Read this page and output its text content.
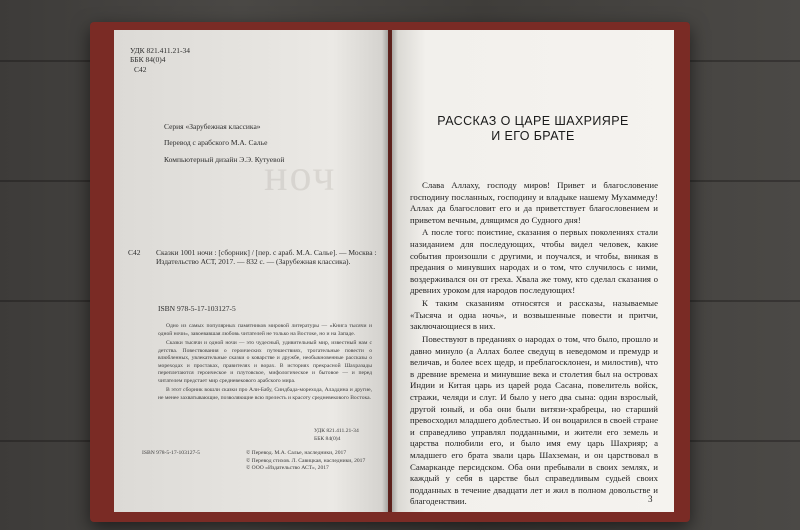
ноч
УДК 821.411.21-34
ББК 84(0)4
С42
Серия «Зарубежная классика»
Перевод с арабского М.А. Салье
Компьютерный дизайн Э.Э. Кутуевой
С42	Сказки 1001 ночи : [сборник] / [пер. с араб. М.А. Салье]. — Москва : Издательство АСТ, 2017. — 832 с. — (Зарубежная классика).
ISBN 978-5-17-103127-5

Одно из самых популярных памятников мировой литературы — «Книга тысячи и одной ночи», завоевавшая любовь читателей не только на Востоке, но и на Западе.

Сказки тысячи и одной ночи — это чудесный, удивительный мир, известный нам с детства. Повествования о героических путешествиях, трогательные повести о влюбленных, увлекательные сказки о коварстве и дружбе, необыкновенные рассказы о мореходах и простаках, правителях и ворах. В историях прекрасной Шахразады переплетаются героическое и плутовское, мифологическое и бытовое — и перед читателем предстает мир средневекового арабского мира.

В этот сборник вошли сказки про Али-Бабу, Синдбада-морехода, Аладдина и другие, не менее захватывающие, позволяющие всю прелесть и красоту средневекового Востока.

УДК 821.411.21-34
ББК 84(0)4
ISBN 978-5-17-103127-5	© Перевод. М.А. Салье, наследники, 2017
© Перевод стихов. Л. Савицкая, наследники, 2017
© ООО «Издательство АСТ», 2017
РАССКАЗ О ЦАРЕ ШАХРИЯРЕ
И ЕГО БРАТЕ

Слава Аллаху, господу миров! Привет и благословение господину посланных, господину и владыке нашему Мухаммеду! Аллах да благословит его и да приветствует благословением и приветом вечным, длящимся до Судного дня!

А после того: поистине, сказания о первых поколениях стали назиданием для последующих, чтобы видел человек, какие события произошли с другими, и поучался, и чтобы, вникая в предания о минувших народах и о том, что случилось с ними, воздерживался он от греха. Хвала же тому, кто сделал сказания о древних уроком для народов последующих!

К таким сказаниям относятся и рассказы, называемые «Тысяча и одна ночь», и возвышенные повести и притчи, заключающиеся в них.

Повествуют в преданиях о народах о том, что было, прошло и давно минуло (а Аллах более сведущ в неведомом и премудр и величав, и более всех щедр, и преблагосклонен, и милостив), что в древние времена и минувшие века и столетия был на островах Индии и Китая царь из царей рода Сасана, повелитель войск, стражи, челяди и слуг. И было у него два сына: один взрослый, другой юный, и оба они были витязи-храбрецы, но старший превосходил младшего доблестью. И он воцарился в своей стране и справедливо управлял подданными, и жители его земель и царства полюбили его, и было имя ему царь Шахрияр; а младшего его брата звали царь Шахземан, и он царствовал в Самарканде персидском. Оба они пребывали в своих землях, и каждый у себя в царстве был справедливым судьей своих подданных в течение двадцати лет и жил в полном довольстве и благоденствии.	3
